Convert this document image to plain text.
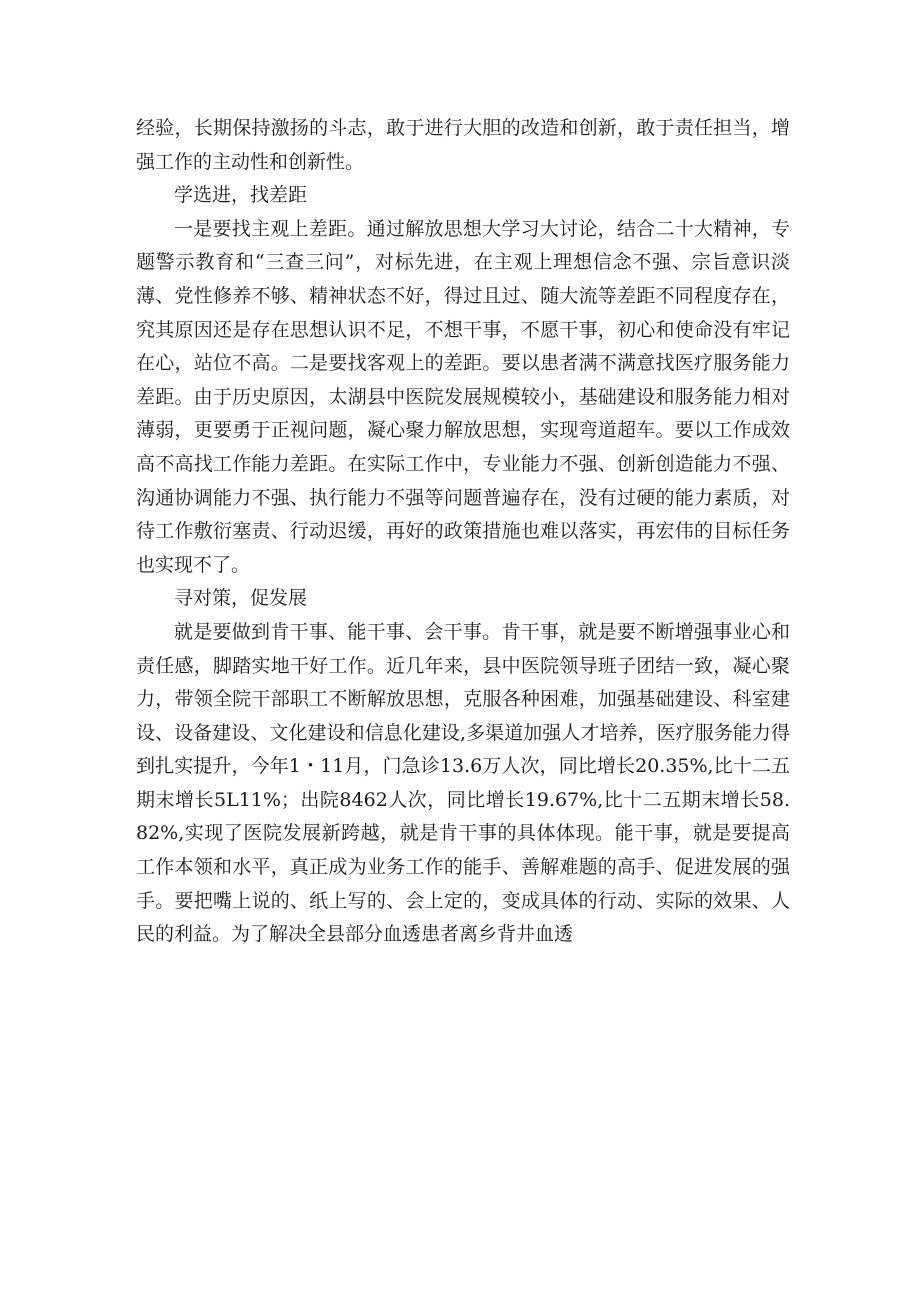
经验，长期保持激扬的斗志，敢于进行大胆的改造和创新，敢于责任担当，增强工作的主动性和创新性。

学选进，找差距

一是要找主观上差距。通过解放思想大学习大讨论，结合二十大精神，专题警示教育和“三查三问”，对标先进，在主观上理想信念不强、宗旨意识淡薄、党性修养不够、精神状态不好，得过且过、随大流等差距不同程度存在，究其原因还是存在思想认识不足，不想干事，不愿干事，初心和使命没有牢记在心，站位不高。二是要找客观上的差距。要以患者满不满意找医疗服务能力差距。由于历史原因，太湖县中医院发展规模较小，基础建设和服务能力相对薄弱，更要勇于正视问题，凝心聚力解放思想，实现弯道超车。要以工作成效高不高找工作能力差距。在实际工作中，专业能力不强、创新创造能力不强、沟通协调能力不强、执行能力不强等问题普遍存在，没有过硬的能力素质，对待工作敷衍塞责、行动迟缓，再好的政策措施也难以落实，再宏伟的目标任务也实现不了。

寻对策，促发展

就是要做到肯干事、能干事、会干事。肯干事，就是要不断增强事业心和责任感，脚踏实地干好工作。近几年来，县中医院领导班子团结一致，凝心聚力，带领全院干部职工不断解放思想，克服各种困难，加强基础建设、科室建设、设备建设、文化建设和信息化建设,多渠道加强人才培养，医疗服务能力得到扎实提升，今年1・11月，门急诊13.6万人次，同比增长20.35%,比十二五期末增长5L11%；出院8462人次，同比增长19.67%,比十二五期末增长58.82%,实现了医院发展新跨越，就是肯干事的具体体现。能干事，就是要提高工作本领和水平，真正成为业务工作的能手、善解难题的高手、促进发展的强手。要把嘴上说的、纸上写的、会上定的，变成具体的行动、实际的效果、人民的利益。为了解决全县部分血透患者离乡背井血透
